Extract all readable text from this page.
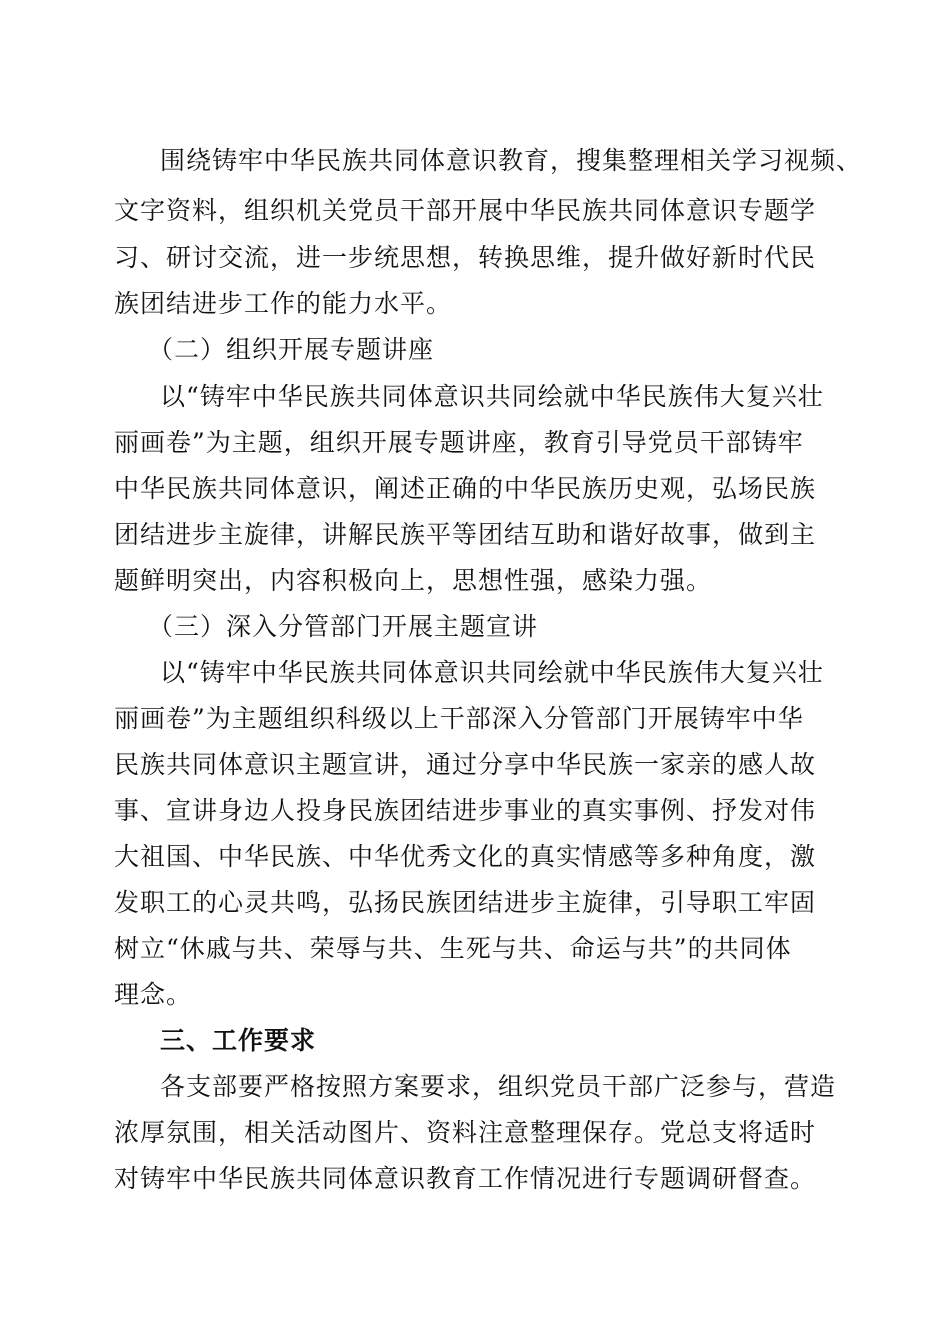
围绕铸牢中华民族共同体意识教育，搜集整理相关学习视频、
文字资料，组织机关党员干部开展中华民族共同体意识专题学
习、研讨交流，进一步统思想，转换思维，提升做好新时代民
族团结进步工作的能力水平。
（二）组织开展专题讲座
以“铸牢中华民族共同体意识共同绘就中华民族伟大复兴壮
丽画卷”为主题，组织开展专题讲座，教育引导党员干部铸牢
中华民族共同体意识，阐述正确的中华民族历史观，弘场民族
团结进步主旋律，讲解民族平等团结互助和谐好故事，做到主
题鲜明突出，内容积极向上，思想性强，感染力强。
（三）深入分管部门开展主题宣讲
以“铸牢中华民族共同体意识共同绘就中华民族伟大复兴壮
丽画卷”为主题组织科级以上干部深入分管部门开展铸牢中华
民族共同体意识主题宣讲，通过分享中华民族一家亲的感人故
事、宣讲身边人投身民族团结进步事业的真实事例、抒发对伟
大祖国、中华民族、中华优秀文化的真实情感等多种角度，激
发职工的心灵共鸣，弘扬民族团结进步主旋律，引导职工牢固
树立“休戚与共、荣辱与共、生死与共、命运与共”的共同体
理念。
三、工作要求
各支部要严格按照方案要求，组织党员干部广泛参与，营造
浓厚氛围，相关活动图片、资料注意整理保存。党总支将适时
对铸牢中华民族共同体意识教育工作情况进行专题调研督查。
